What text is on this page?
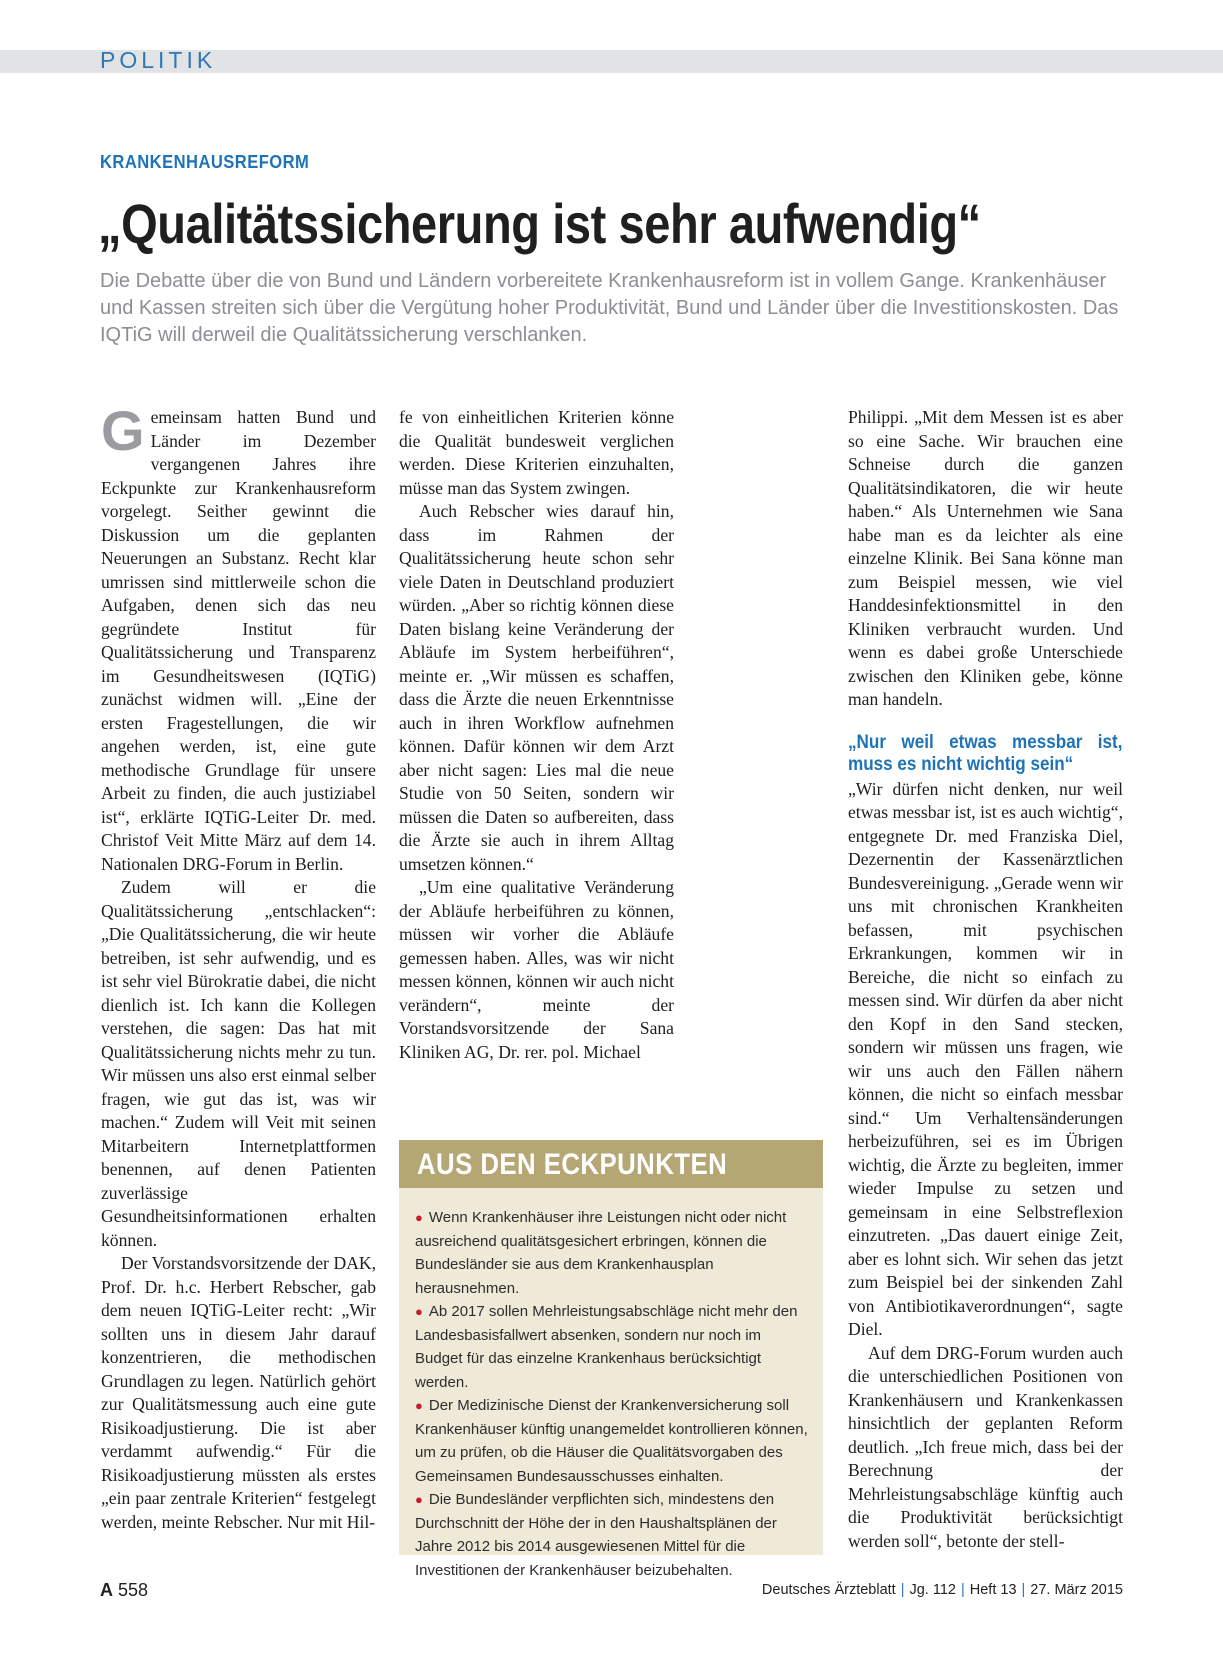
POLITIK
KRANKENHAUSREFORM
„Qualitätssicherung ist sehr aufwendig“
Die Debatte über die von Bund und Ländern vorbereitete Krankenhausreform ist in vollem Gange. Krankenhäuser und Kassen streiten sich über die Vergütung hoher Produktivität, Bund und Länder über die Investitionskosten. Das IQTiG will derweil die Qualitätssicherung verschlanken.

Gemeinsam hatten Bund und Länder im Dezember vergangenen Jahres ihre Eckpunkte zur Krankenhausreform vorgelegt. Seither gewinnt die Diskussion um die geplanten Neuerungen an Substanz. Recht klar umrissen sind mittlerweile schon die Aufgaben, denen sich das neu gegründete Institut für Qualitätssicherung und Transparenz im Gesundheitswesen (IQTiG) zunächst widmen will. „Eine der ersten Fragestellungen, die wir angehen werden, ist, eine gute methodische Grundlage für unsere Arbeit zu finden, die auch justiziabel ist“, erklärte IQTiG-Leiter Dr. med. Christof Veit Mitte März auf dem 14. Nationalen DRG-Forum in Berlin.

Zudem will er die Qualitätssicherung „entschlacken“: „Die Qualitätssicherung, die wir heute betreiben, ist sehr aufwendig, und es ist sehr viel Bürokratie dabei, die nicht dienlich ist. Ich kann die Kollegen verstehen, die sagen: Das hat mit Qualitätssicherung nichts mehr zu tun. Wir müssen uns also erst einmal selber fragen, wie gut das ist, was wir machen.“ Zudem will Veit mit seinen Mitarbeitern Internetplattformen benennen, auf denen Patienten zuverlässige Gesundheitsinformationen erhalten können.

Der Vorstandsvorsitzende der DAK, Prof. Dr. h.c. Herbert Rebscher, gab dem neuen IQTiG-Leiter recht: „Wir sollten uns in diesem Jahr darauf konzentrieren, die methodischen Grundlagen zu legen. Natürlich gehört zur Qualitätsmessung auch eine gute Risikoadjustierung. Die ist aber verdammt aufwendig.“ Für die Risikoadjustierung müssten als erstes „ein paar zentrale Kriterien“ festgelegt werden, meinte Rebscher. Nur mit Hil-

fe von einheitlichen Kriterien könne die Qualität bundesweit verglichen werden. Diese Kriterien einzuhalten, müsse man das System zwingen.

Auch Rebscher wies darauf hin, dass im Rahmen der Qualitätssicherung heute schon sehr viele Daten in Deutschland produziert würden. „Aber so richtig können diese Daten bislang keine Veränderung der Abläufe im System herbeiführen“, meinte er. „Wir müssen es schaffen, dass die Ärzte die neuen Erkenntnisse auch in ihren Workflow aufnehmen können. Dafür können wir dem Arzt aber nicht sagen: Lies mal die neue Studie von 50 Seiten, sondern wir müssen die Daten so aufbereiten, dass die Ärzte sie auch in ihrem Alltag umsetzen können.“

„Um eine qualitative Veränderung der Abläufe herbeiführen zu können, müssen wir vorher die Abläufe gemessen haben. Alles, was wir nicht messen können, können wir auch nicht verändern“, meinte der Vorstandsvorsitzende der Sana Kliniken AG, Dr. rer. pol. Michael

Philippi. „Mit dem Messen ist es aber so eine Sache. Wir brauchen eine Schneise durch die ganzen Qualitätsindikatoren, die wir heute haben.“ Als Unternehmen wie Sana habe man es da leichter als eine einzelne Klinik. Bei Sana könne man zum Beispiel messen, wie viel Handdesinfektionsmittel in den Kliniken verbraucht wurden. Und wenn es dabei große Unterschiede zwischen den Kliniken gebe, könne man handeln.

„Nur weil etwas messbar ist, muss es nicht wichtig sein“

„Wir dürfen nicht denken, nur weil etwas messbar ist, ist es auch wichtig“, entgegnete Dr. med Franziska Diel, Dezernentin der Kassenärztlichen Bundesvereinigung. „Gerade wenn wir uns mit chronischen Krankheiten befassen, mit psychischen Erkrankungen, kommen wir in Bereiche, die nicht so einfach zu messen sind. Wir dürfen da aber nicht den Kopf in den Sand stecken, sondern wir müssen uns fragen, wie wir uns auch den Fällen nähern können, die nicht so einfach messbar sind.“ Um Verhaltensänderungen herbeizuführen, sei es im Übrigen wichtig, die Ärzte zu begleiten, immer wieder Impulse zu setzen und gemeinsam in eine Selbstreflexion einzutreten. „Das dauert einige Zeit, aber es lohnt sich. Wir sehen das jetzt zum Beispiel bei der sinkenden Zahl von Antibiotikaverordnungen“, sagte Diel.

Auf dem DRG-Forum wurden auch die unterschiedlichen Positionen von Krankenhäusern und Krankenkassen hinsichtlich der geplanten Reform deutlich. „Ich freue mich, dass bei der Berechnung der Mehrleistungsabschläge künftig auch die Produktivität berücksichtigt werden soll“, betonte der stell-

AUS DEN ECKPUNKTEN
● Wenn Krankenhäuser ihre Leistungen nicht oder nicht ausreichend qualitätsgesichert erbringen, können die Bundesländer sie aus dem Krankenhausplan herausnehmen.
● Ab 2017 sollen Mehrleistungsabschläge nicht mehr den Landesbasisfallwert absenken, sondern nur noch im Budget für das einzelne Krankenhaus berücksichtigt werden.
● Der Medizinische Dienst der Krankenversicherung soll Krankenhäuser künftig unangemeldet kontrollieren können, um zu prüfen, ob die Häuser die Qualitätsvorgaben des Gemeinsamen Bundesausschusses einhalten.
● Die Bundesländer verpflichten sich, mindestens den Durchschnitt der Höhe der in den Haushaltsplänen der Jahre 2012 bis 2014 ausgewiesenen Mittel für die Investitionen der Krankenhäuser beizubehalten.
A 558	Deutsches Ärzteblatt | Jg. 112 | Heft 13 | 27. März 2015
